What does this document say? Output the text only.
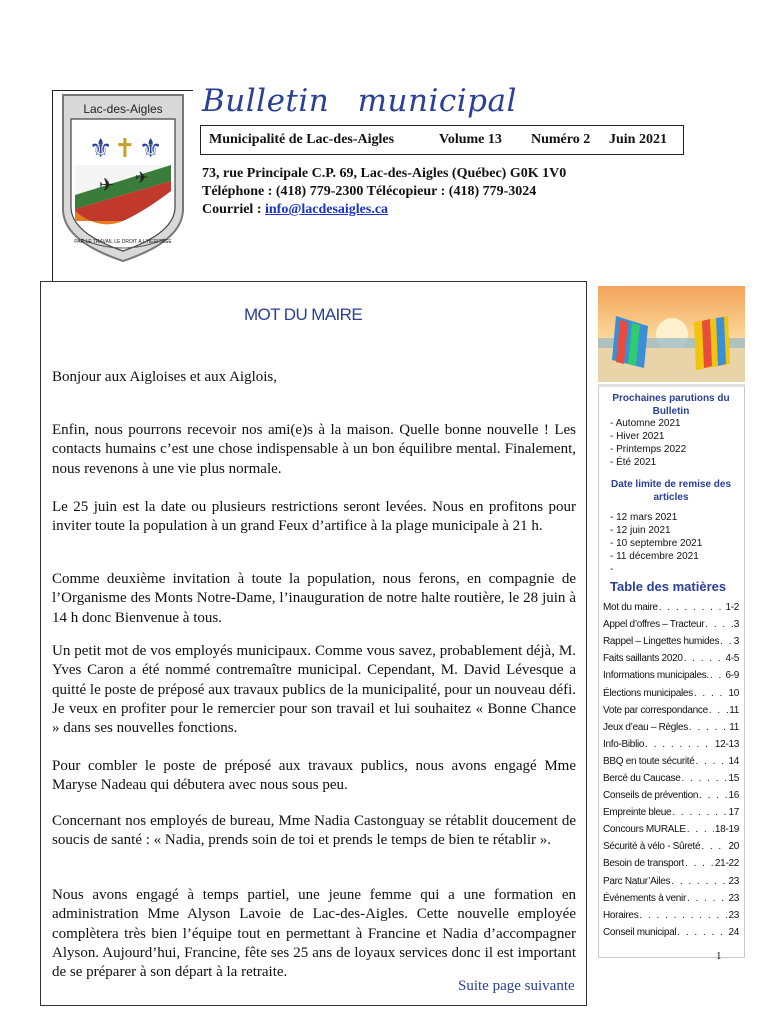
Lac-des-Aigles
⚜ ✝ ⚜
✈ ✈
PAR LE TRAVAIL LE DROIT A L'HERITAGE
Bulletin municipal
Municipalité de Lac-des-Aigles	Volume 13 Numéro 2 Juin 2021

73, rue Principale C.P. 69, Lac-des-Aigles (Québec) G0K 1V0

Téléphone : (418) 779-2300 Télécopieur : (418) 779-3024

Courriel : info@lacdesaigles.ca

MOT DU MAIRE

Bonjour aux Aigloises et aux Aiglois,

Enfin, nous pourrons recevoir nos ami(e)s à la maison. Quelle bonne nouvelle ! Les contacts humains c’est une chose indispensable à un bon équilibre mental. Finalement, nous revenons à une vie plus normale.

Le 25 juin est la date ou plusieurs restrictions seront levées. Nous en profitons pour inviter toute la population à un grand Feux d’artifice à la plage municipale à 21 h.

Comme deuxième invitation à toute la population, nous ferons, en compagnie de l’Organisme des Monts Notre-Dame, l’inauguration de notre halte routière, le 28 juin à 14 h donc Bienvenue à tous.

Un petit mot de vos employés municipaux. Comme vous savez, probablement déjà, M. Yves Caron a été nommé contremaître municipal. Cependant, M. David Lévesque a quitté le poste de préposé aux travaux publics de la municipalité, pour un nouveau défi. Je veux en profiter pour le remercier pour son travail et lui souhaitez « Bonne Chance » dans ses nouvelles fonctions.

Pour combler le poste de préposé aux travaux publics, nous avons engagé Mme Maryse Nadeau qui débutera avec nous sous peu.

Concernant nos employés de bureau, Mme Nadia Castonguay se rétablit doucement de soucis de santé : « Nadia, prends soin de toi et prends le temps de bien te rétablir ».

Nous avons engagé à temps partiel, une jeune femme qui a une formation en administration Mme Alyson Lavoie de Lac-des-Aigles. Cette nouvelle employée complètera très bien l’équipe tout en permettant à Francine et Nadia d’accompagner Alyson. Aujourd’hui, Francine, fête ses 25 ans de loyaux services donc il est important de se préparer à son départ à la retraite.

Suite page suivante

Prochaines parutions du Bulletin

- Automne 2021
- Hiver 2021
- Printemps 2022
- Été 2021

Date limite de remise des articles

- 12 mars 2021
- 12 juin 2021
- 10 septembre 2021
- 11 décembre 2021
-

Table des matières

Mot du maire . . .	1-2
Appel d’offres – Tracteur . . .	3
Rappel – Lingettes humides . . . 3
Faits saillants 2020 . . .	4-5
Informations municipales. . . . 6-9
Élections municipales . . .	10
Vote par correspondance . . . 11
Jeux d’eau – Règles . . .	11
Info-Biblio . . .	12-13
BBQ en toute sécurité . . .	14
Bercé du Caucase . . .	15
Conseils de prévention . . .	16
Empreinte bleue . . .	17
Concours MURALE . . .	18-19
Sécurité à vélo - Sûreté . . .	20
Besoin de transport . . .	21-22
Parc Natur’Ailes . . .	23
Événements à venir . . .	23
Horaires . . .	23
Conseil municipal . . .	24

1
